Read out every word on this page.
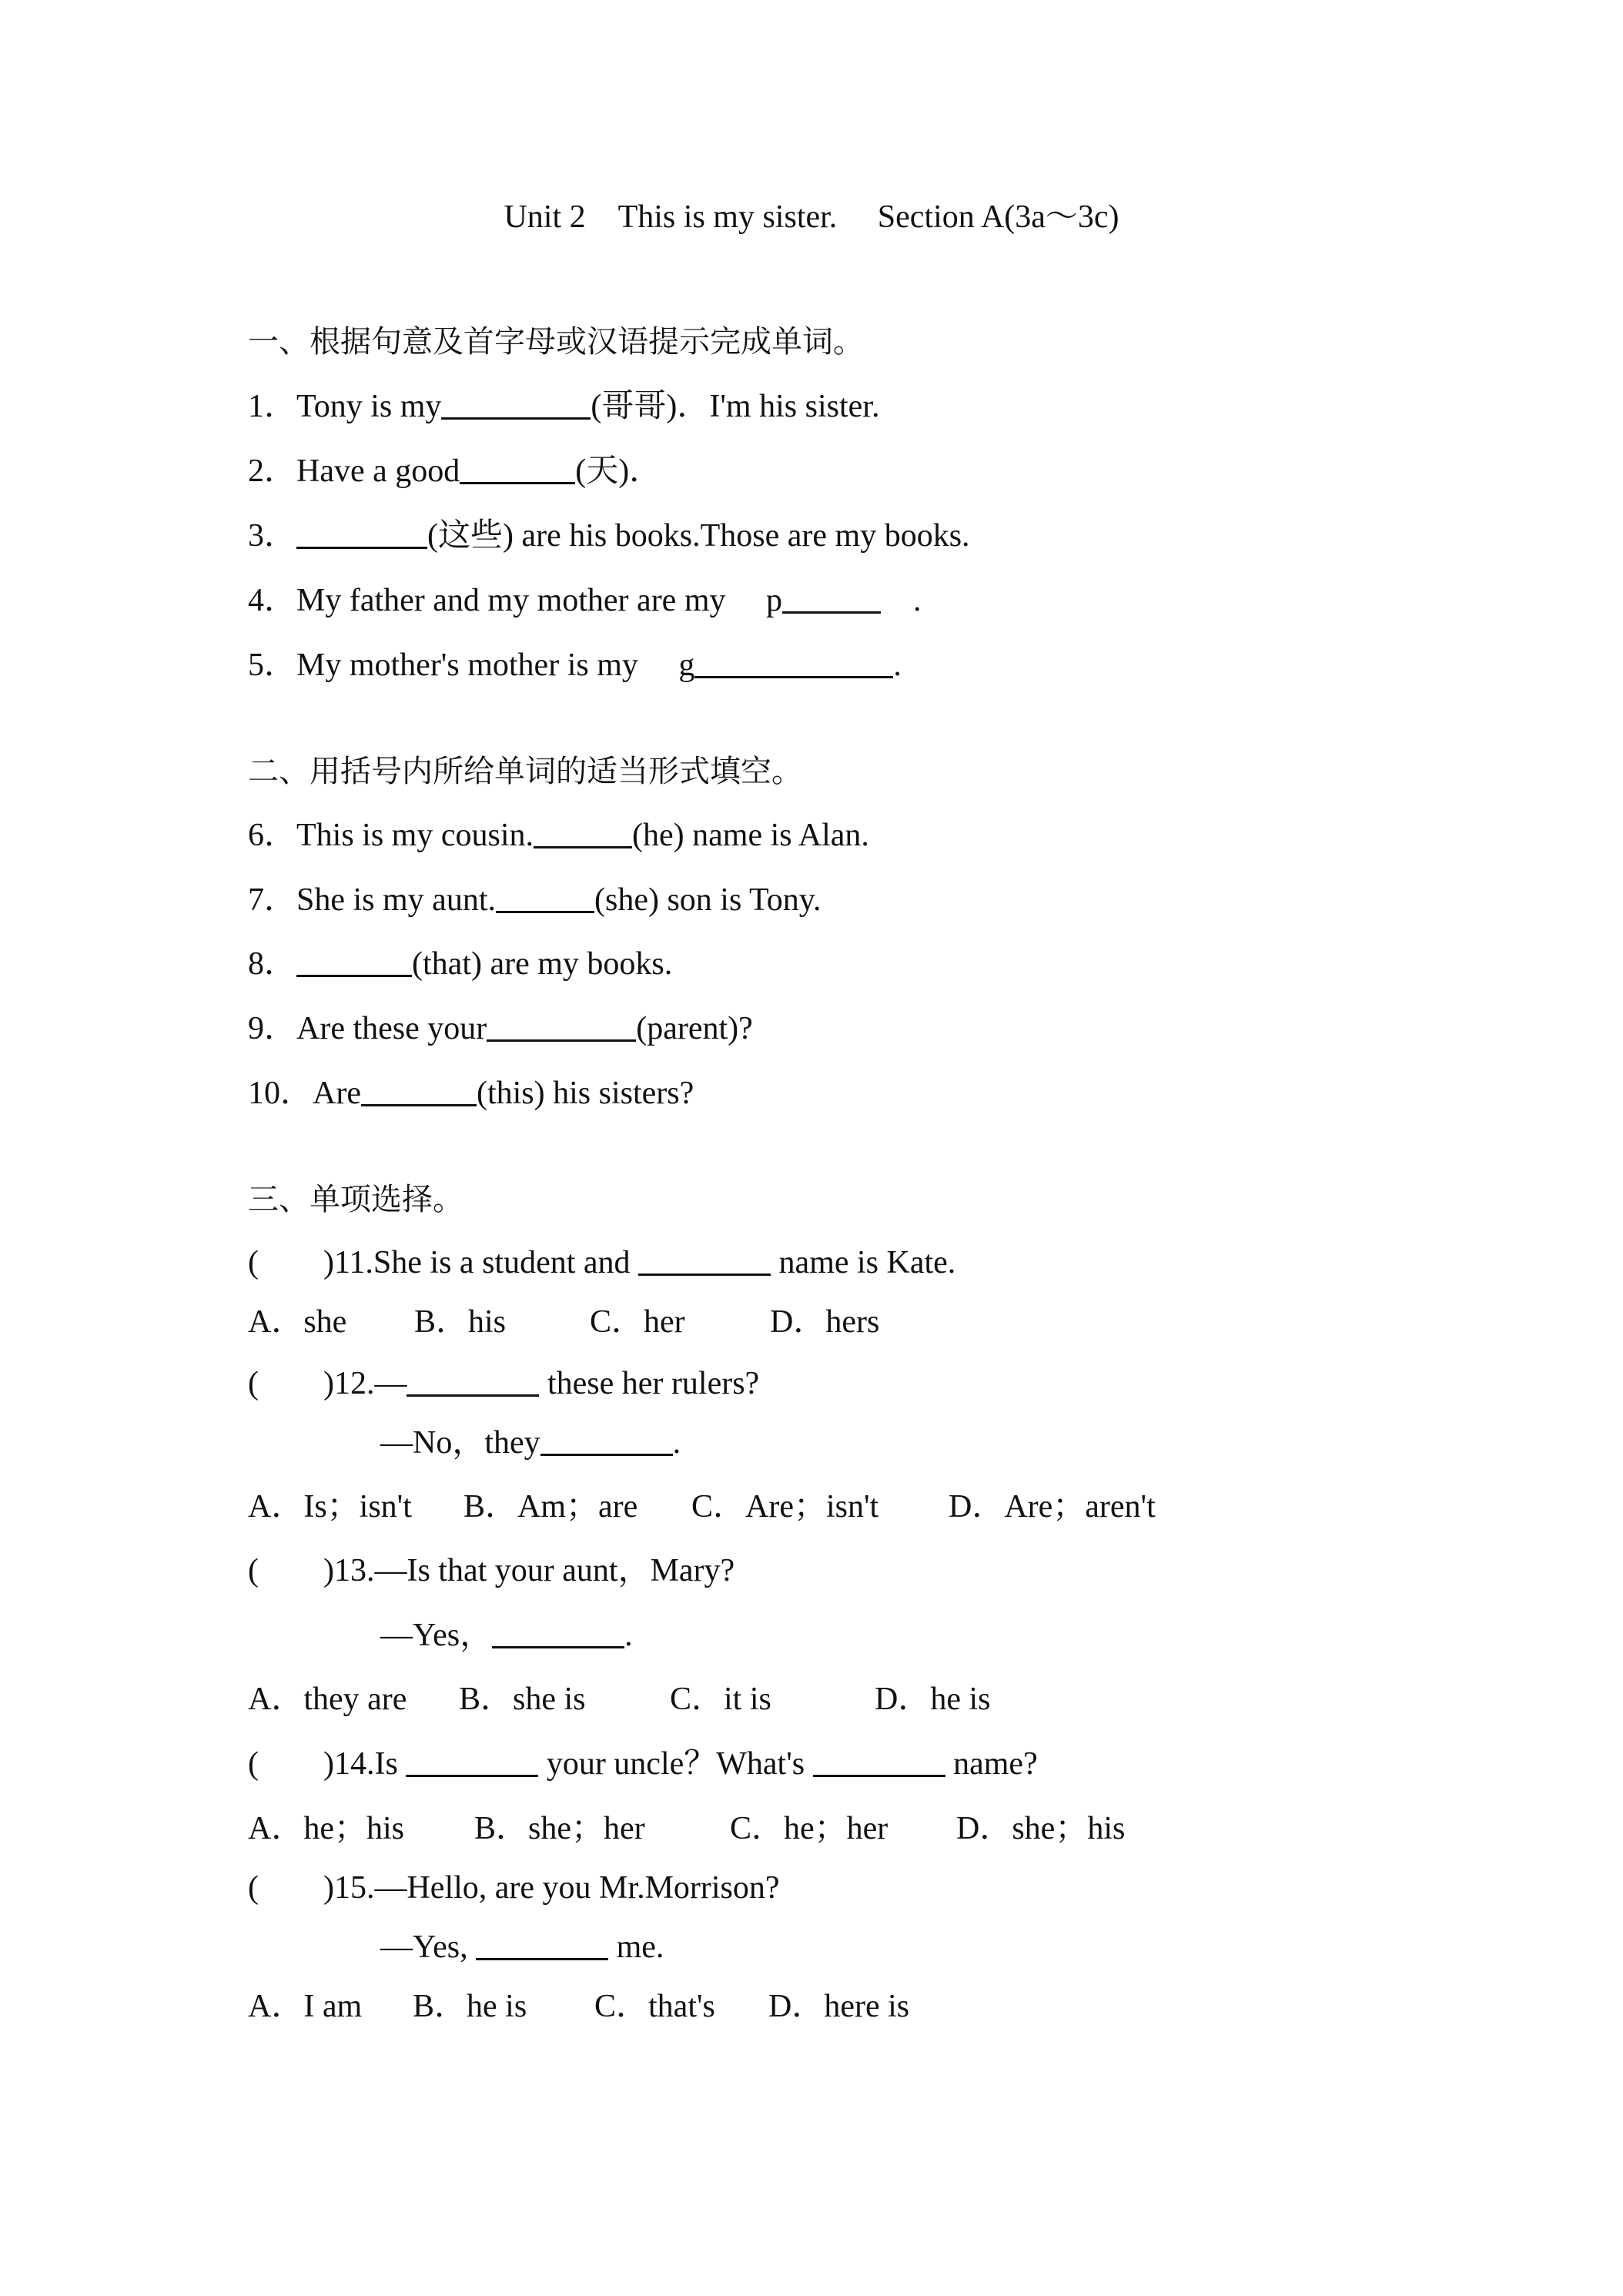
Unit 2　This is my sister.　 Section A(3a～3c)
一、根据句意及首字母或汉语提示完成单词。
1．Tony is my	(哥哥)．I'm his sister.
2．Have a good	(天)．
3．	(这些) are his books.Those are my books.
4．My father and my mother are my　 p	　.
5．My mother's mother is my　 g	.
二、用括号内所给单词的适当形式填空。
6．This is my cousin.	(he) name is Alan.
7．She is my aunt.	(she) son is Tony.
8．	(that) are my books.
9．Are these your	(parent)?
10．Are	(this) his sisters?
三、单项选择。
(　　)11.She is a student and	name is Kate.
A．she B．his	C．her	D．hers
(　　)12.—	these her rulers?
—No，they	.
A．Is；isn't B．Am；are C．Are；isn't D．Are；aren't
(　　)13.—Is that your aunt，Mary?
—Yes，	.
A．they are B．she is	C．it is	D．he is
(　　)14.Is	your uncle？What's	name?
A．he；his B．she；her	C．he；her D．she；his
(　　)15.—Hello, are you Mr.Morrison?
—Yes,	me.
A．I am B．he is C．that's D．here is
